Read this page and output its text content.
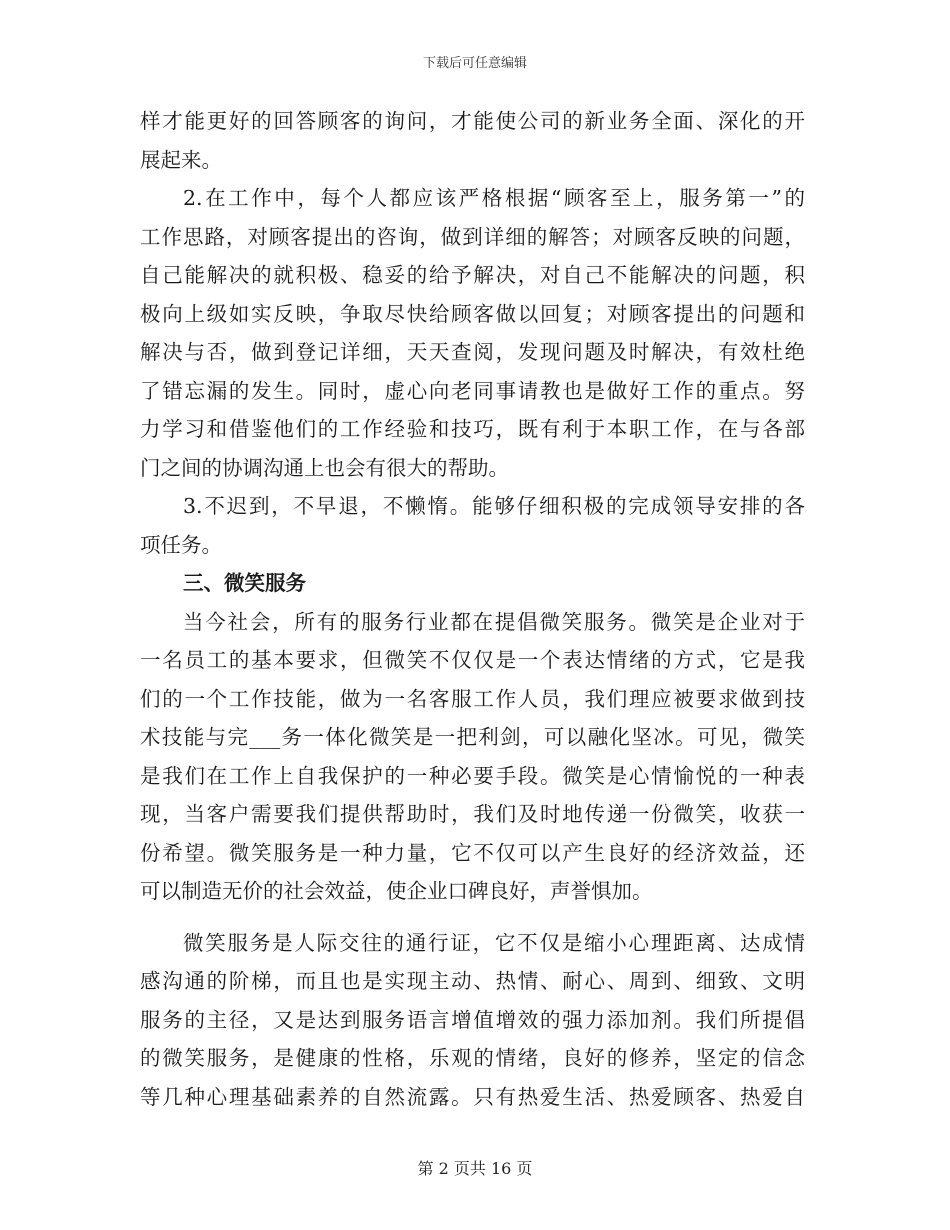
下载后可任意编辑
样才能更好的回答顾客的询问，才能使公司的新业务全面、深化的开
展起来。
2.在工作中，每个人都应该严格根据“顾客至上，服务第一”的
工作思路，对顾客提出的咨询，做到详细的解答；对顾客反映的问题，
自己能解决的就积极、稳妥的给予解决，对自己不能解决的问题，积
极向上级如实反映，争取尽快给顾客做以回复；对顾客提出的问题和
解决与否，做到登记详细，天天查阅，发现问题及时解决，有效杜绝
了错忘漏的发生。同时，虚心向老同事请教也是做好工作的重点。努
力学习和借鉴他们的工作经验和技巧，既有利于本职工作，在与各部
门之间的协调沟通上也会有很大的帮助。
3.不迟到，不早退，不懒惰。能够仔细积极的完成领导安排的各
项任务。
三、微笑服务
当今社会，所有的服务行业都在提倡微笑服务。微笑是企业对于
一名员工的基本要求，但微笑不仅仅是一个表达情绪的方式，它是我
们的一个工作技能，做为一名客服工作人员，我们理应被要求做到技
术技能与完___务一体化微笑是一把利剑，可以融化坚冰。可见，微笑
是我们在工作上自我保护的一种必要手段。微笑是心情愉悦的一种表
现，当客户需要我们提供帮助时，我们及时地传递一份微笑，收获一
份希望。微笑服务是一种力量，它不仅可以产生良好的经济效益，还
可以制造无价的社会效益，使企业口碑良好，声誉惧加。
微笑服务是人际交往的通行证，它不仅是缩小心理距离、达成情
感沟通的阶梯，而且也是实现主动、热情、耐心、周到、细致、文明
服务的主径，又是达到服务语言增值增效的强力添加剂。我们所提倡
的微笑服务，是健康的性格，乐观的情绪，良好的修养，坚定的信念
等几种心理基础素养的自然流露。只有热爱生活、热爱顾客、热爱自
第 2 页共 16 页
